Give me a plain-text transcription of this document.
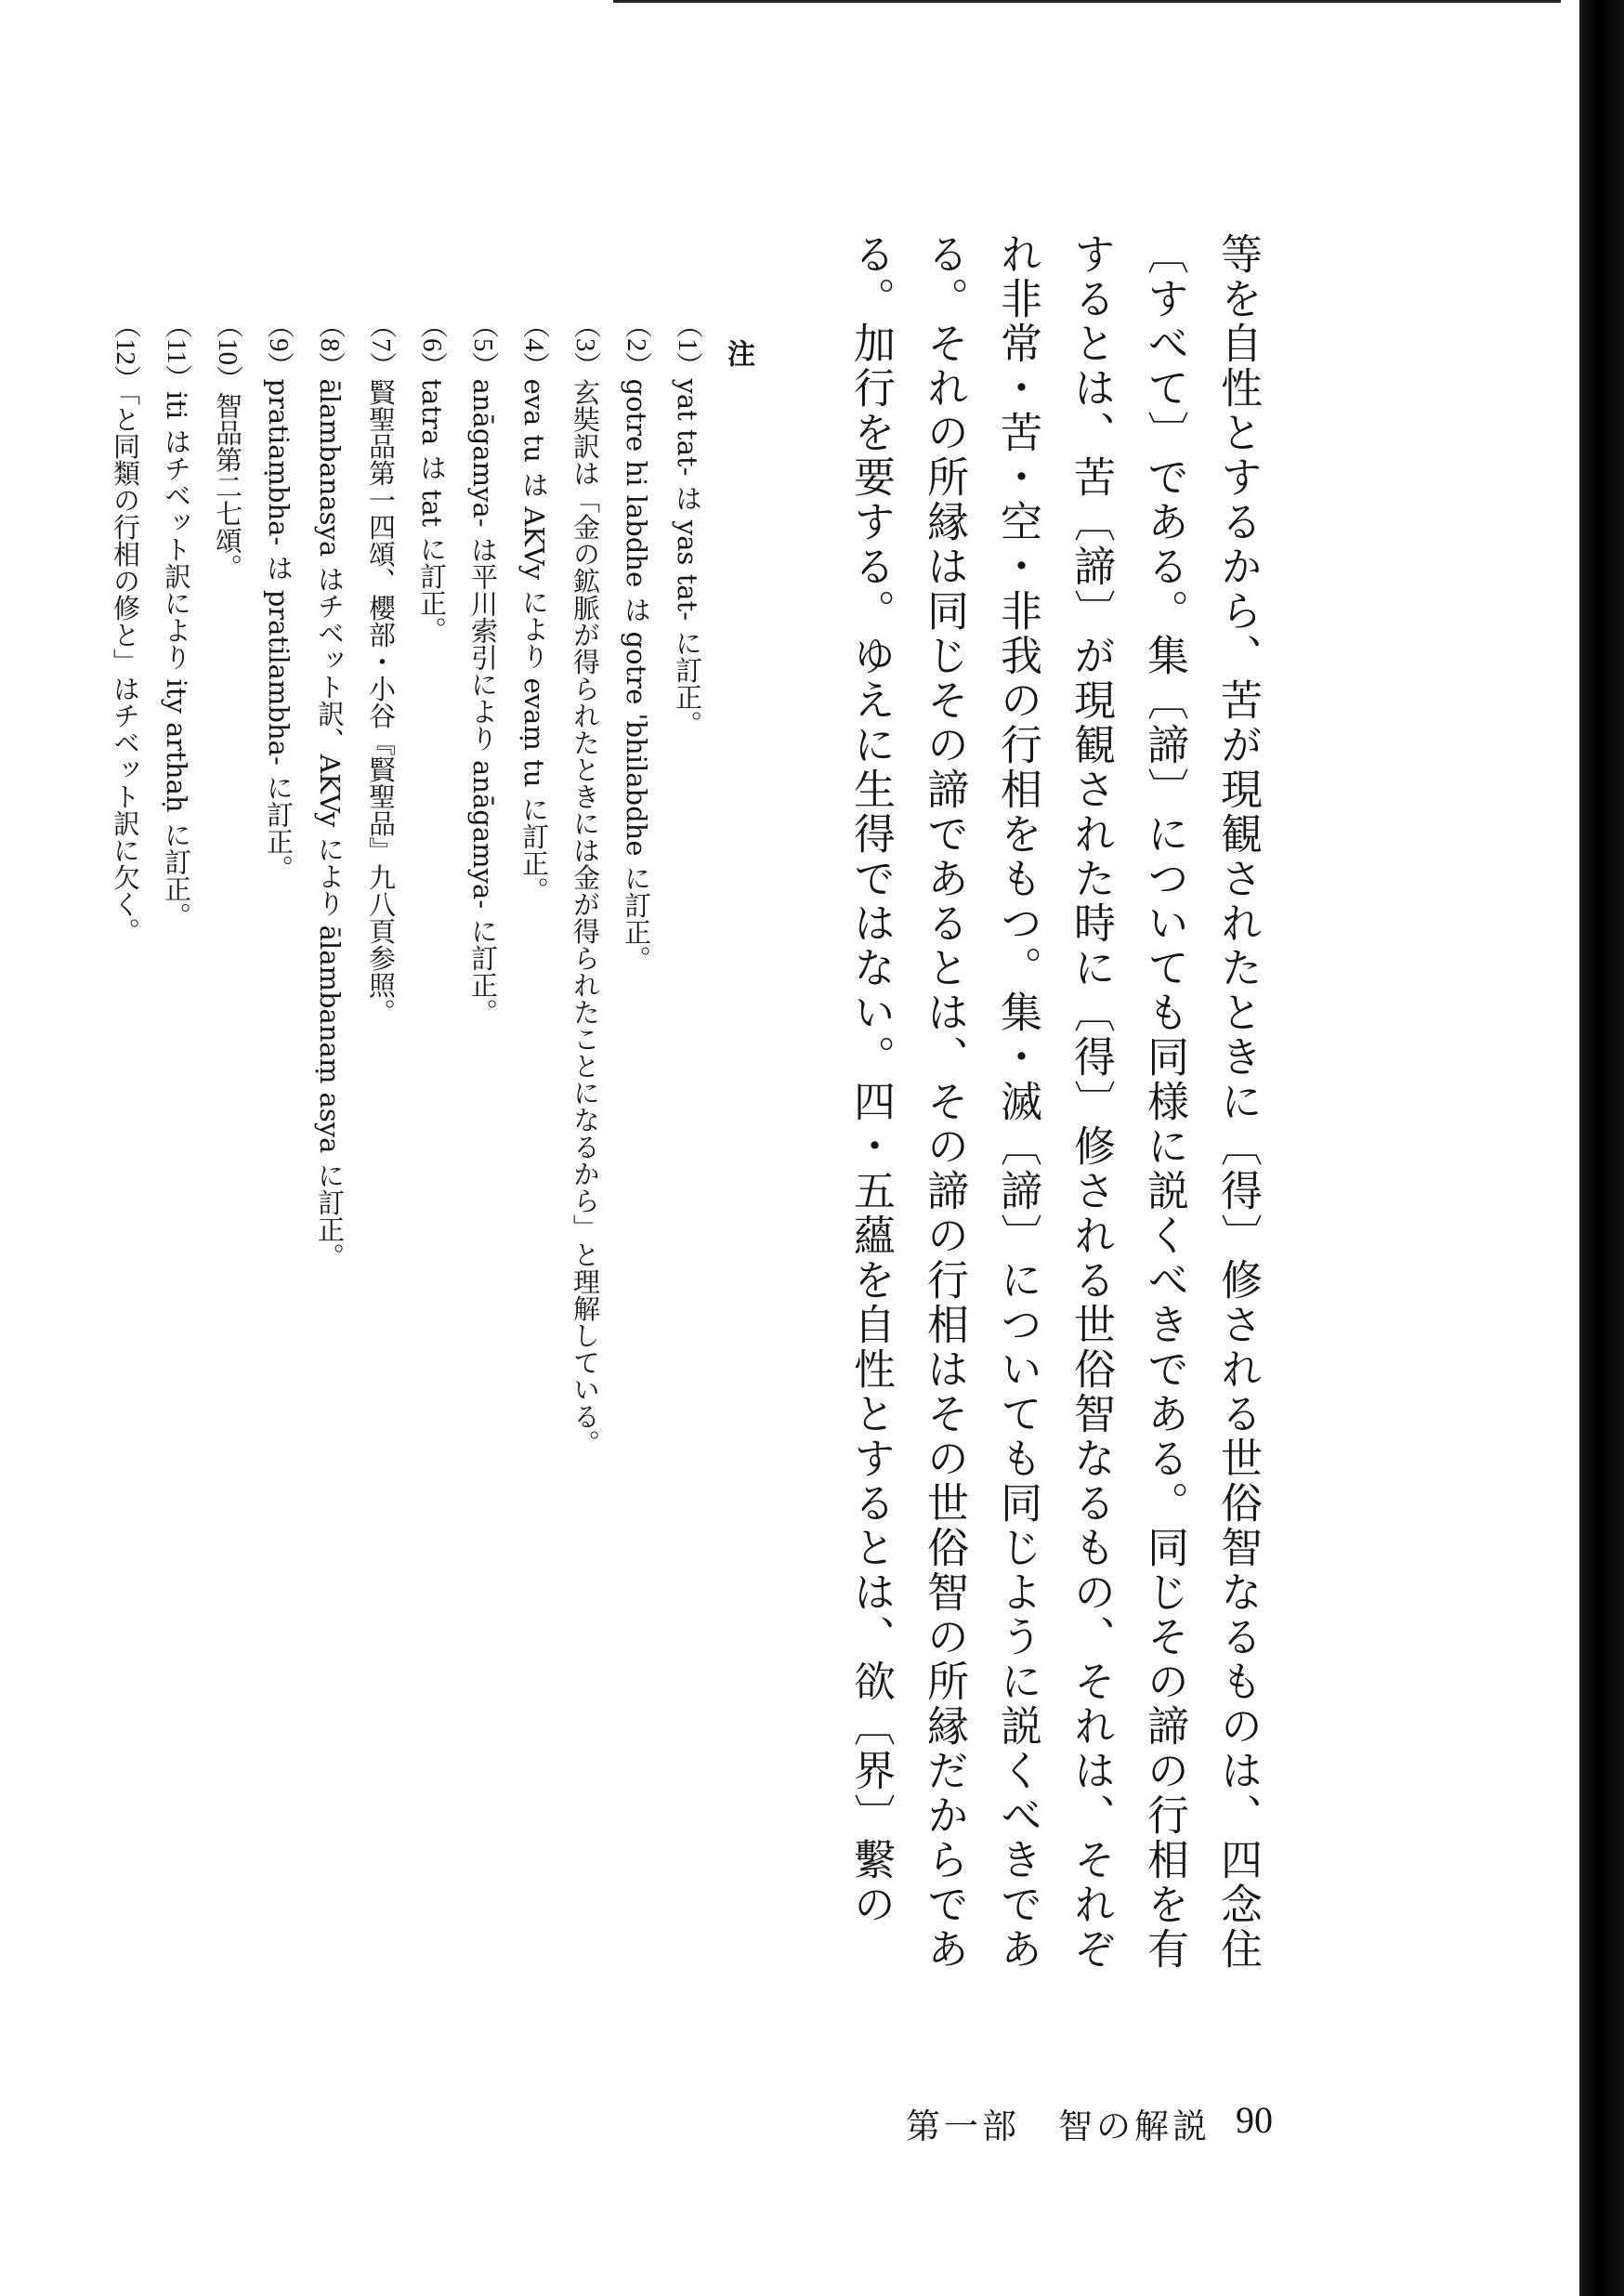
等を自性とするから、苦が現観されたときに〔得〕修される世俗智なるものは、四念住〔すべて〕である。集〔諦〕についても同様に説くべきである。同じその諦の行相を有するとは、苦〔諦〕が現観された時に〔得〕修される世俗智なるもの、それは、それぞれ非常・苦・空・非我の行相をもつ。集・滅〔諦〕についても同じように説くべきである。それの所縁は同じその諦であるとは、その諦の行相はその世俗智の所縁だからである。加行を要する。ゆえに生得ではない。四・五蘊を自性とするとは、欲〔界〕繫の

注
（1）yat tat- は yas tat- に訂正。
（2）gotre hi labdhe は gotre 'bhilabdhe に訂正。
（3）玄奘訳は「金の鉱脈が得られたときには金が得られたことになるから」と理解している。
（4）eva tu は AKVy により evaṃ tu に訂正。
（5）anāgamya- は平川索引により anāgamya- に訂正。
（6）tatra は tat に訂正。
（7）賢聖品第一四頌、櫻部・小谷『賢聖品』九八頁参照。
（8）ālambanasya はチベット訳、AKVy により ālambanaṃ asya に訂正。
（9）pratiaṃbha- は pratilambha- に訂正。
（10）智品第二七頌。
（11）iti はチベット訳により ity arthaḥ に訂正。
（12）「と同類の行相の修と」はチベット訳に欠く。
第一部　智の解説 90
